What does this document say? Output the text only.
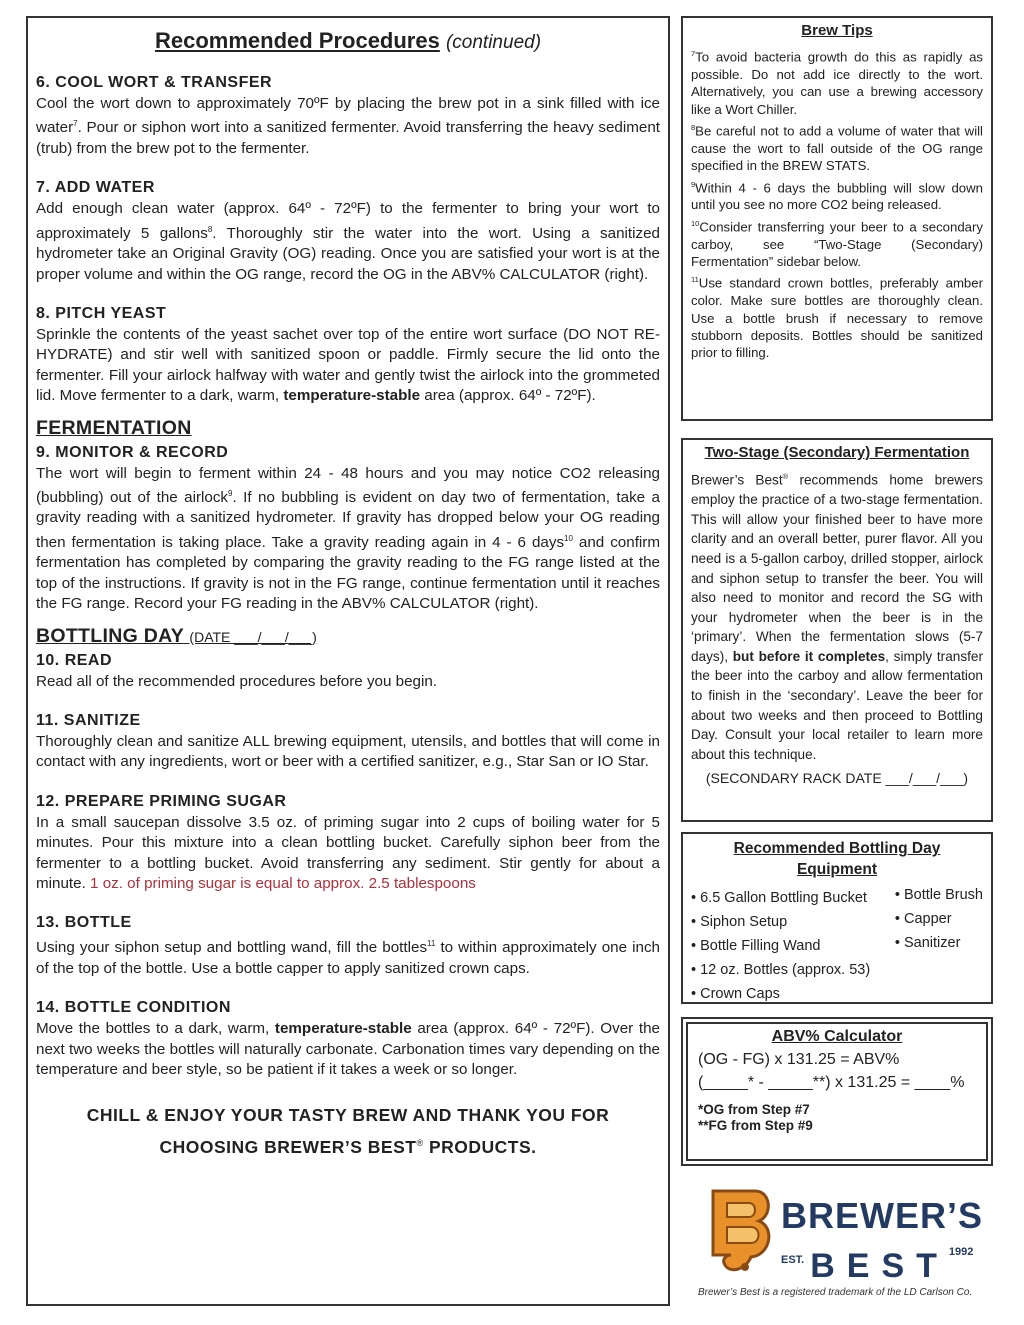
Recommended Procedures (continued)
6. COOL WORT & TRANSFER
Cool the wort down to approximately 70ºF by placing the brew pot in a sink filled with ice water$^7$. Pour or siphon wort into a sanitized fermenter. Avoid transferring the heavy sediment (trub) from the brew pot to the fermenter.
7. ADD WATER
Add enough clean water (approx. 64º - 72ºF) to the fermenter to bring your wort to approximately 5 gallons$^8$. Thoroughly stir the water into the wort. Using a sanitized hydrometer take an Original Gravity (OG) reading. Once you are satisfied your wort is at the proper volume and within the OG range, record the OG in the ABV% CALCULATOR (right).
8. PITCH YEAST
Sprinkle the contents of the yeast sachet over top of the entire wort surface (DO NOT RE-HYDRATE) and stir well with sanitized spoon or paddle. Firmly secure the lid onto the fermenter. Fill your airlock halfway with water and gently twist the airlock into the grommeted lid. Move fermenter to a dark, warm, temperature-stable area (approx. 64º - 72ºF).
FERMENTATION
9. MONITOR & RECORD
The wort will begin to ferment within 24 - 48 hours and you may notice CO2 releasing (bubbling) out of the airlock$^9$. If no bubbling is evident on day two of fermentation, take a gravity reading with a sanitized hydrometer. If gravity has dropped below your OG reading then fermentation is taking place. Take a gravity reading again in 4 - 6 days$^{10}$ and confirm fermentation has completed by comparing the gravity reading to the FG range listed at the top of the instructions. If gravity is not in the FG range, continue fermentation until it reaches the FG range. Record your FG reading in the ABV% CALCULATOR (right).
BOTTLING DAY (DATE ___/___/___)
10. READ
Read all of the recommended procedures before you begin.
11. SANITIZE
Thoroughly clean and sanitize ALL brewing equipment, utensils, and bottles that will come in contact with any ingredients, wort or beer with a certified sanitizer, e.g., Star San or IO Star.
12. PREPARE PRIMING SUGAR
In a small saucepan dissolve 3.5 oz. of priming sugar into 2 cups of boiling water for 5 minutes. Pour this mixture into a clean bottling bucket. Carefully siphon beer from the fermenter to a bottling bucket. Avoid transferring any sediment. Stir gently for about a minute. 1 oz. of priming sugar is equal to approx. 2.5 tablespoons
13. BOTTLE
Using your siphon setup and bottling wand, fill the bottles$^{11}$ to within approximately one inch of the top of the bottle. Use a bottle capper to apply sanitized crown caps.
14. BOTTLE CONDITION
Move the bottles to a dark, warm, temperature-stable area (approx. 64º - 72ºF). Over the next two weeks the bottles will naturally carbonate. Carbonation times vary depending on the temperature and beer style, so be patient if it takes a week or so longer.
CHILL & ENJOY YOUR TASTY BREW AND THANK YOU FOR
CHOOSING BREWER’S BEST® PRODUCTS.
Brew Tips

$^7$To avoid bacteria growth do this as rapidly as possible. Do not add ice directly to the wort. Alternatively, you can use a brewing accessory like a Wort Chiller.

$^8$Be careful not to add a volume of water that will cause the wort to fall outside of the OG range specified in the BREW STATS.

$^9$Within 4 - 6 days the bubbling will slow down until you see no more CO2 being released.

$^{10}$Consider transferring your beer to a secondary carboy, see “Two-Stage (Secondary) Fermentation” sidebar below.

$^{11}$Use standard crown bottles, preferably amber color. Make sure bottles are thoroughly clean. Use a bottle brush if necessary to remove stubborn deposits. Bottles should be sanitized prior to filling.

Two-Stage (Secondary) Fermentation
Brewer’s Best® recommends home brewers employ the practice of a two-stage fermentation. This will allow your finished beer to have more clarity and an overall better, purer flavor. All you need is a 5-gallon carboy, drilled stopper, airlock and siphon setup to transfer the beer. You will also need to monitor and record the SG with your hydrometer when the beer is in the ‘primary’. When the fermentation slows (5-7 days), but before it completes, simply transfer the beer into the carboy and allow fermentation to finish in the ‘secondary’. Leave the beer for about two weeks and then proceed to Bottling Day. Consult your local retailer to learn more about this technique.
(SECONDARY RACK DATE ___/___/___)
Recommended Bottling Day
Equipment
• 6.5 Gallon Bottling Bucket
• Siphon Setup
• Bottle Filling Wand
• 12 oz. Bottles (approx. 53)
• Crown Caps
• Bottle Brush
• Capper
• Sanitizer
ABV% Calculator
(OG - FG) x 131.25 = ABV%
(_____* - _____**) x 131.25 = ____%
*OG from Step #7
**FG from Step #9
BREWER’S
EST. BEST 1992
Brewer’s Best is a registered trademark of the LD Carlson Co.
